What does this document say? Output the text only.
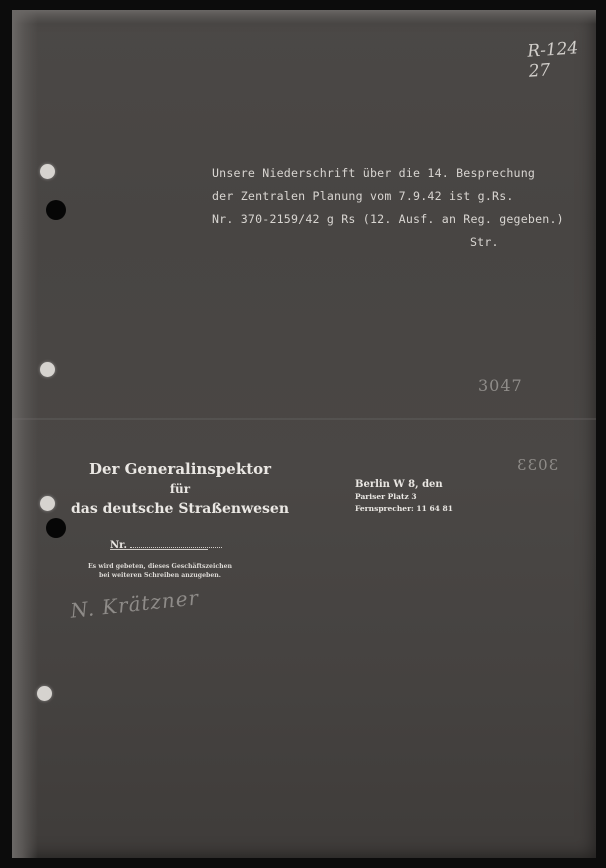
R-124
27
Unsere Niederschrift über die 14. Besprechung
der Zentralen Planung vom 7.9.42 ist g.Rs.
Nr. 370-2159/42 g Rs (12. Ausf. an Reg. gegeben.)
Str.
3047
3033
Der Generalinspektor
für
das deutsche Straßenwesen
Nr.
Es wird gebeten, dieses Geschäftszeichen
bei weiteren Schreiben anzugeben.
Berlin W 8, den
Pariser Platz 3
Fernsprecher: 11 64 81
N. Krätzner
